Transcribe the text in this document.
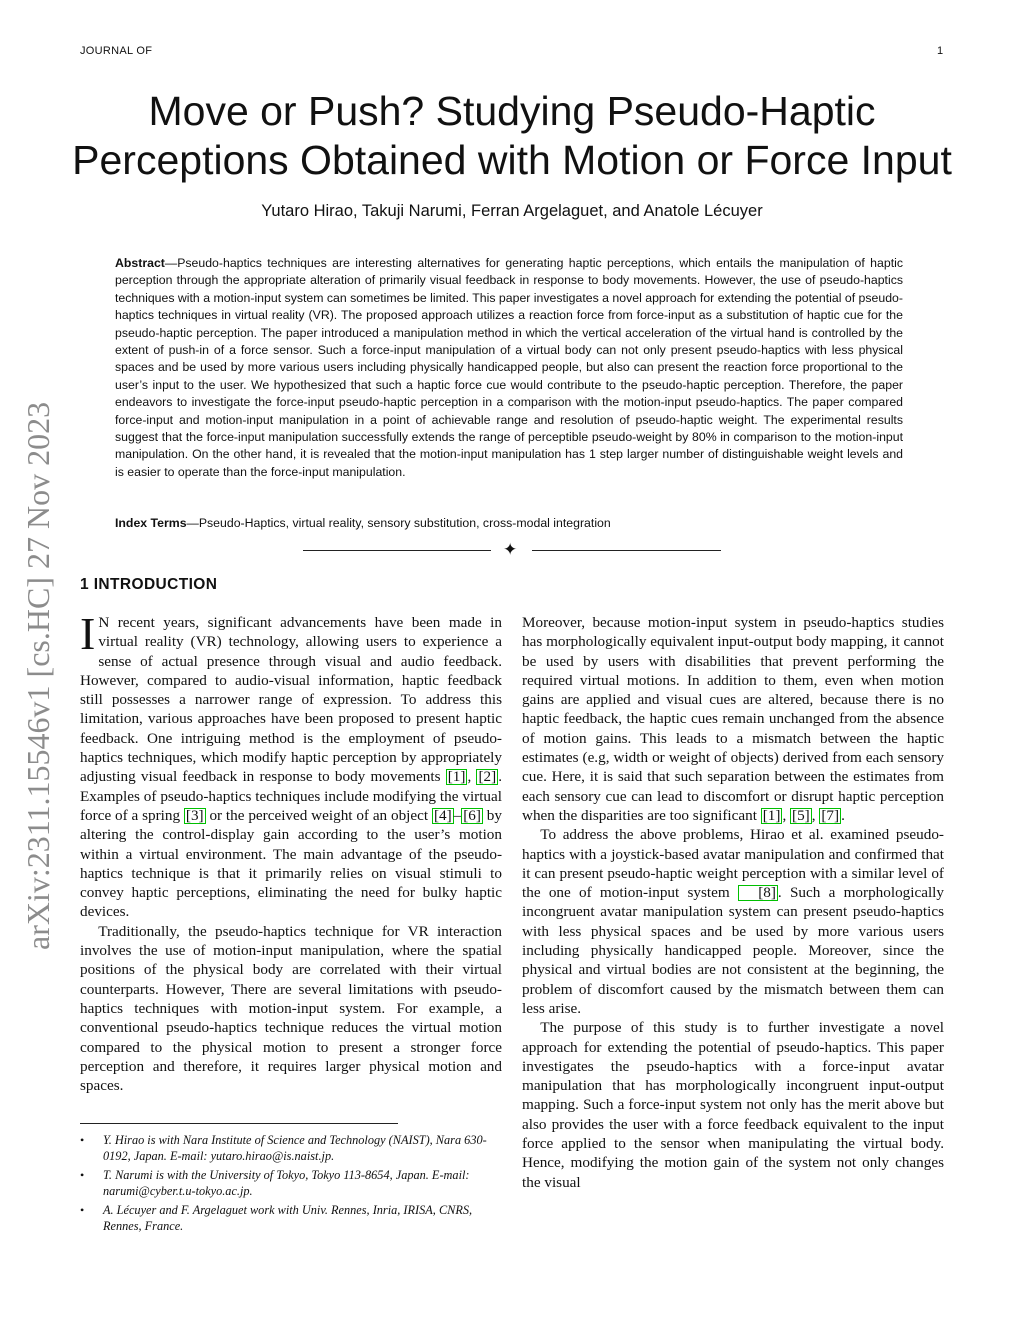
JOURNAL OF	1
arXiv:2311.15546v1 [cs.HC] 27 Nov 2023
Move or Push? Studying Pseudo-Haptic
Perceptions Obtained with Motion or Force Input
Yutaro Hirao, Takuji Narumi, Ferran Argelaguet, and Anatole Lécuyer

Abstract—Pseudo-haptics techniques are interesting alternatives for generating haptic perceptions, which entails the manipulation of haptic perception through the appropriate alteration of primarily visual feedback in response to body movements. However, the use of pseudo-haptics techniques with a motion-input system can sometimes be limited. This paper investigates a novel approach for extending the potential of pseudo-haptics techniques in virtual reality (VR). The proposed approach utilizes a reaction force from force-input as a substitution of haptic cue for the pseudo-haptic perception. The paper introduced a manipulation method in which the vertical acceleration of the virtual hand is controlled by the extent of push-in of a force sensor. Such a force-input manipulation of a virtual body can not only present pseudo-haptics with less physical spaces and be used by more various users including physically handicapped people, but also can present the reaction force proportional to the user’s input to the user. We hypothesized that such a haptic force cue would contribute to the pseudo-haptic perception. Therefore, the paper endeavors to investigate the force-input pseudo-haptic perception in a comparison with the motion-input pseudo-haptics. The paper compared force-input and motion-input manipulation in a point of achievable range and resolution of pseudo-haptic weight. The experimental results suggest that the force-input manipulation successfully extends the range of perceptible pseudo-weight by 80% in comparison to the motion-input manipulation. On the other hand, it is revealed that the motion-input manipulation has 1 step larger number of distinguishable weight levels and is easier to operate than the force-input manipulation.

Index Terms—Pseudo-Haptics, virtual reality, sensory substitution, cross-modal integration

✦
1 INTRODUCTION

I N recent years, significant advancements have been made in virtual reality (VR) technology, allowing users to experience a sense of actual presence through visual and audio feedback. However, compared to audio-visual information, haptic feedback still possesses a narrower range of expression. To address this limitation, various approaches have been proposed to present haptic feedback. One intriguing method is the employment of pseudo-haptics techniques, which modify haptic perception by appropriately adjusting visual feedback in response to body movements [1] , [2] . Examples of pseudo-haptics techniques include modifying the virtual force of a spring [3] or the perceived weight of an object [4] – [6] by altering the control-display gain according to the user’s motion within a virtual environment. The main advantage of the pseudo-haptics technique is that it primarily relies on visual stimuli to convey haptic perceptions, eliminating the need for bulky haptic devices.

Traditionally, the pseudo-haptics technique for VR interaction involves the use of motion-input manipulation, where the spatial positions of the physical body are correlated with their virtual counterparts. However, There are several limitations with pseudo-haptics techniques with motion-input system. For example, a conventional pseudo-haptics technique reduces the virtual motion compared to the physical motion to present a stronger force perception and therefore, it requires larger physical motion and spaces.

• Y. Hirao is with Nara Institute of Science and Technology (NAIST), Nara 630-0192, Japan. E-mail: yutaro.hirao@is.naist.jp.
• T. Narumi is with the University of Tokyo, Tokyo 113-8654, Japan. E-mail: narumi@cyber.t.u-tokyo.ac.jp.
• A. Lécuyer and F. Argelaguet work with Univ. Rennes, Inria, IRISA, CNRS, Rennes, France.

Moreover, because motion-input system in pseudo-haptics studies has morphologically equivalent input-output body mapping, it cannot be used by users with disabilities that prevent performing the required virtual motions. In addition to them, even when motion gains are applied and visual cues are altered, because there is no haptic feedback, the haptic cues remain unchanged from the absence of motion gains. This leads to a mismatch between the haptic estimates (e.g, width or weight of objects) derived from each sensory cue. Here, it is said that such separation between the estimates from each sensory cue can lead to discomfort or disrupt haptic perception when the disparities are too significant [1] , [5] , [7] .

To address the above problems, Hirao et al. examined pseudo-haptics with a joystick-based avatar manipulation and confirmed that it can present pseudo-haptic weight perception with a similar level of the one of motion-input system [8] . Such a morphologically incongruent avatar manipulation system can present pseudo-haptics with less physical spaces and be used by more various users including physically handicapped people. Moreover, since the physical and virtual bodies are not consistent at the beginning, the problem of discomfort caused by the mismatch between them can less arise.

The purpose of this study is to further investigate a novel approach for extending the potential of pseudo-haptics. This paper investigates the pseudo-haptics with a force-input avatar manipulation that has morphologically incongruent input-output mapping. Such a force-input system not only has the merit above but also provides the user with a force feedback equivalent to the input force applied to the sensor when manipulating the virtual body. Hence, modifying the motion gain of the system not only changes the visual
